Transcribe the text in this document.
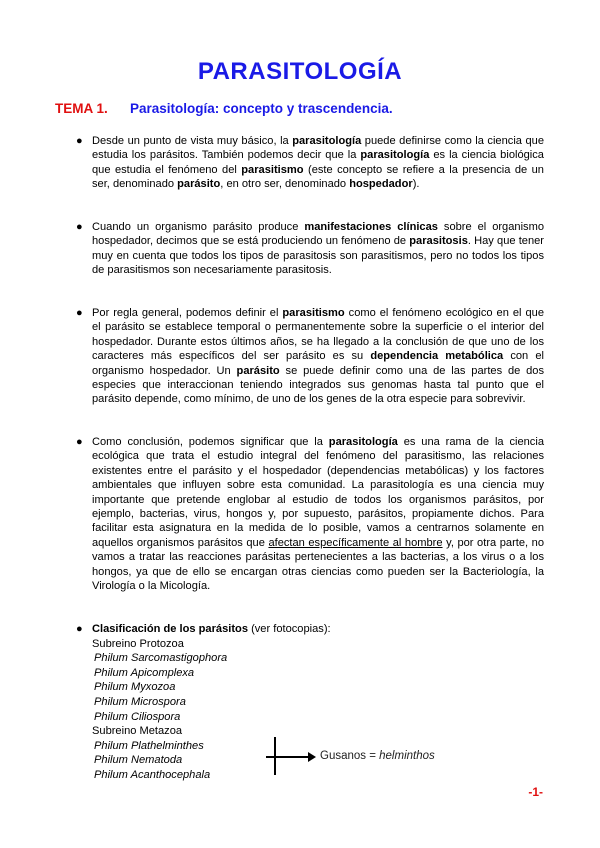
PARASITOLOGÍA
TEMA 1. Parasitología: concepto y trascendencia.
● Desde un punto de vista muy básico, la parasitología puede definirse como la ciencia que estudia los parásitos. También podemos decir que la parasitología es la ciencia biológica que estudia el fenómeno del parasitismo (este concepto se refiere a la presencia de un ser, denominado parásito, en otro ser, denominado hospedador).
● Cuando un organismo parásito produce manifestaciones clínicas sobre el organismo hospedador, decimos que se está produciendo un fenómeno de parasitosis. Hay que tener muy en cuenta que todos los tipos de parasitosis son parasitismos, pero no todos los tipos de parasitismos son necesariamente parasitosis.
● Por regla general, podemos definir el parasitismo como el fenómeno ecológico en el que el parásito se establece temporal o permanentemente sobre la superficie o el interior del hospedador. Durante estos últimos años, se ha llegado a la conclusión de que uno de los caracteres más específicos del ser parásito es su dependencia metabólica con el organismo hospedador. Un parásito se puede definir como una de las partes de dos especies que interaccionan teniendo integrados sus genomas hasta tal punto que el parásito depende, como mínimo, de uno de los genes de la otra especie para sobrevivir.
● Como conclusión, podemos significar que la parasitología es una rama de la ciencia ecológica que trata el estudio integral del fenómeno del parasitismo, las relaciones existentes entre el parásito y el hospedador (dependencias metabólicas) y los factores ambientales que influyen sobre esta comunidad. La parasitología es una ciencia muy importante que pretende englobar al estudio de todos los organismos parásitos, por ejemplo, bacterias, virus, hongos y, por supuesto, parásitos, propiamente dichos. Para facilitar esta asignatura en la medida de lo posible, vamos a centrarnos solamente en aquellos organismos parásitos que afectan específicamente al hombre y, por otra parte, no vamos a tratar las reacciones parásitas pertenecientes a las bacterias, a los virus o a los hongos, ya que de ello se encargan otras ciencias como pueden ser la Bacteriología, la Virología o la Micología.
● Clasificación de los parásitos (ver fotocopias):
Subreino Protozoa
Philum Sarcomastigophora
Philum Apicomplexa
Philum Myxozoa
Philum Microspora
Philum Ciliospora
Subreino Metazoa
Philum Plathelminthes
Philum Nematoda
Philum Acanthocephala
Gusanos = helminthos
-1-
